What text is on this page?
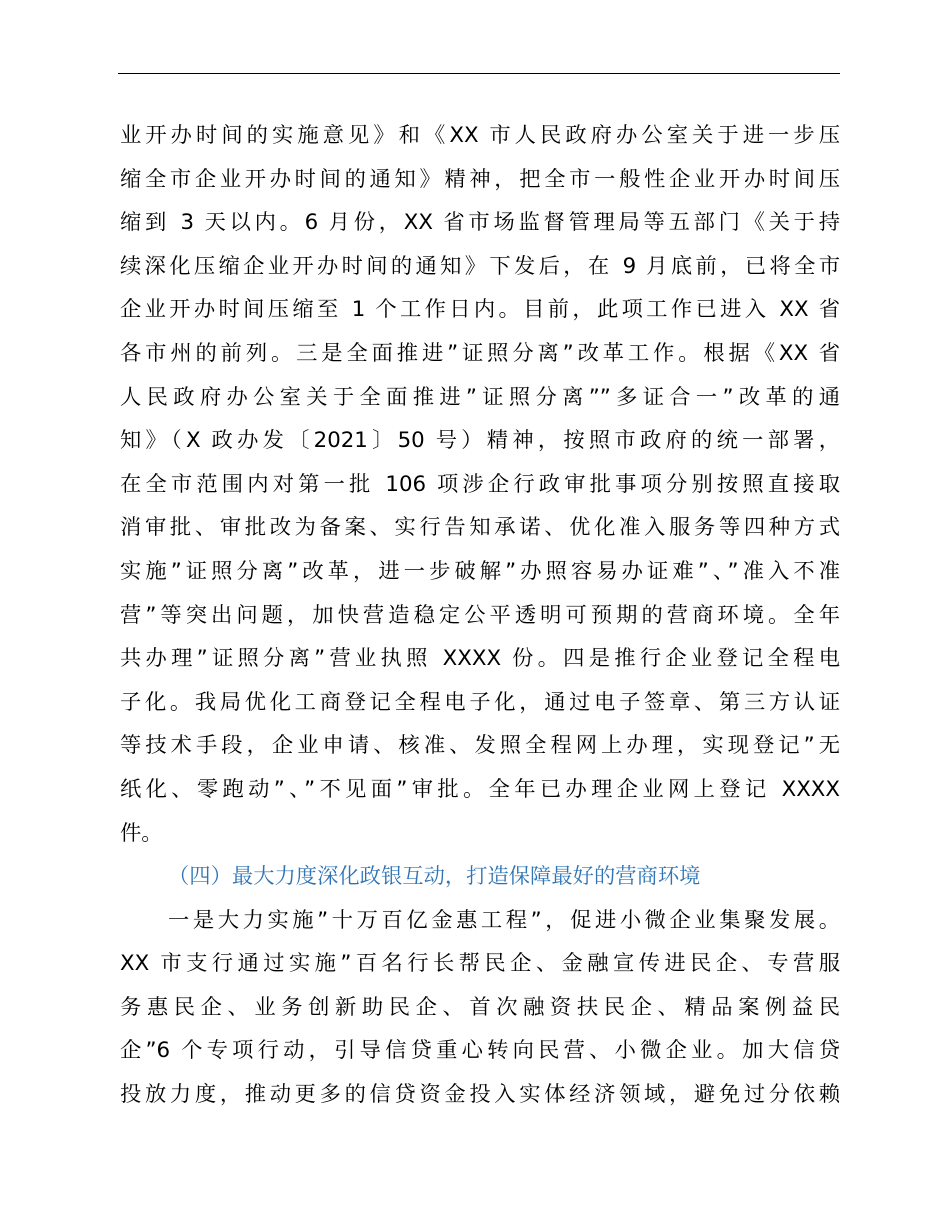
业开办时间的实施意见》和《XX 市人民政府办公室关于进一步压
缩全市企业开办时间的通知》精神，把全市一般性企业开办时间压
缩到 3 天以内。6 月份，XX 省市场监督管理局等五部门《关于持
续深化压缩企业开办时间的通知》下发后，在 9 月底前，已将全市
企业开办时间压缩至 1 个工作日内。目前，此项工作已进入 XX 省
各市州的前列。三是全面推进”证照分离”改革工作。根据《XX 省
人民政府办公室关于全面推进”证照分离””多证合一”改革的通
知》（X 政办发〔2021〕50 号）精神，按照市政府的统一部署，
在全市范围内对第一批 106 项涉企行政审批事项分别按照直接取
消审批、审批改为备案、实行告知承诺、优化准入服务等四种方式
实施”证照分离”改革，进一步破解”办照容易办证难”、”准入不准
营”等突出问题，加快营造稳定公平透明可预期的营商环境。全年
共办理”证照分离”营业执照 XXXX 份。四是推行企业登记全程电
子化。我局优化工商登记全程电子化，通过电子签章、第三方认证
等技术手段，企业申请、核准、发照全程网上办理，实现登记”无
纸化、零跑动”、”不见面”审批。全年已办理企业网上登记 XXXX
件。
（四）最大力度深化政银互动，打造保障最好的营商环境
一是大力实施”十万百亿金惠工程”，促进小微企业集聚发展。
XX 市支行通过实施”百名行长帮民企、金融宣传进民企、专营服
务惠民企、业务创新助民企、首次融资扶民企、精品案例益民
企”6 个专项行动，引导信贷重心转向民营、小微企业。加大信贷
投放力度，推动更多的信贷资金投入实体经济领域，避免过分依赖
